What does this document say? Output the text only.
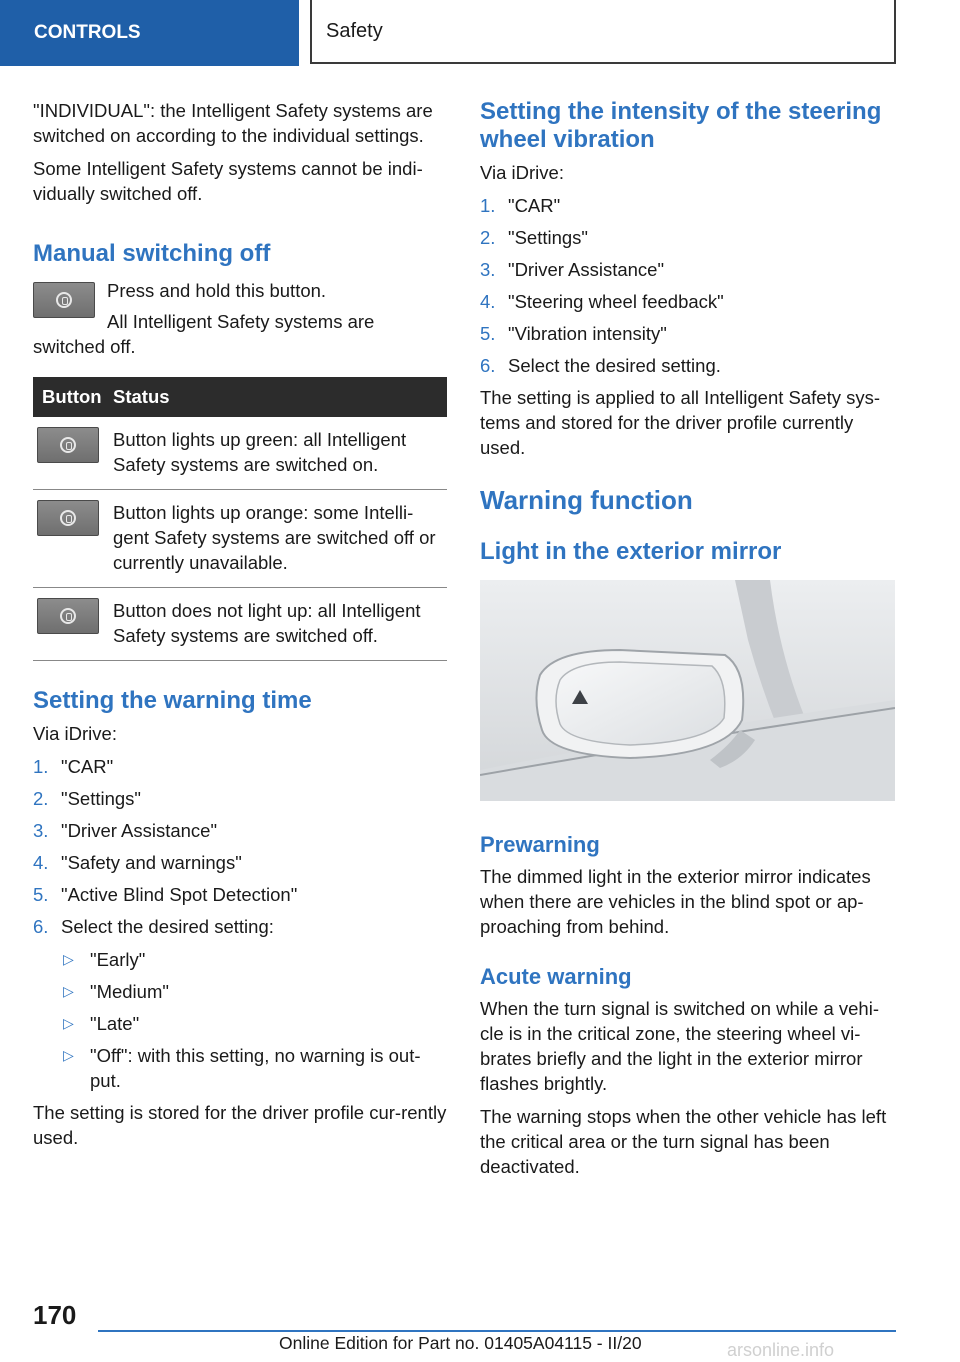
CONTROLS	Safety

"INDIVIDUAL": the Intelligent Safety systems are switched on according to the individual settings.

Some Intelligent Safety systems cannot be indi-vidually switched off.

Manual switching off

Press and hold this button.

All Intelligent Safety systems are switched off.

Button	Status

	Button lights up green: all Intelligent Safety systems are switched on.

	Button lights up orange: some Intelli-gent Safety systems are switched off or currently unavailable.

	Button does not light up: all Intelligent Safety systems are switched off.
Setting the warning time

Via iDrive:

1. "CAR"
2. "Settings"
3. "Driver Assistance"
4. "Safety and warnings"
5. "Active Blind Spot Detection"
6. Select the desired setting:
▷ "Early"
▷ "Medium"
▷ "Late"
▷ "Off": with this setting, no warning is out-put.

The setting is stored for the driver profile cur-rently used.

Setting the intensity of the steering wheel vibration

Via iDrive:

1. "CAR"
2. "Settings"
3. "Driver Assistance"
4. "Steering wheel feedback"
5. "Vibration intensity"
6. Select the desired setting.

The setting is applied to all Intelligent Safety sys-tems and stored for the driver profile currently used.

Warning function
Light in the exterior mirror
Prewarning

The dimmed light in the exterior mirror indicates when there are vehicles in the blind spot or ap-proaching from behind.

Acute warning

When the turn signal is switched on while a vehi-cle is in the critical zone, the steering wheel vi-brates briefly and the light in the exterior mirror flashes brightly.

The warning stops when the other vehicle has left the critical area or the turn signal has been deactivated.

170
Online Edition for Part no. 01405A04115 - II/20	arsonline.info
